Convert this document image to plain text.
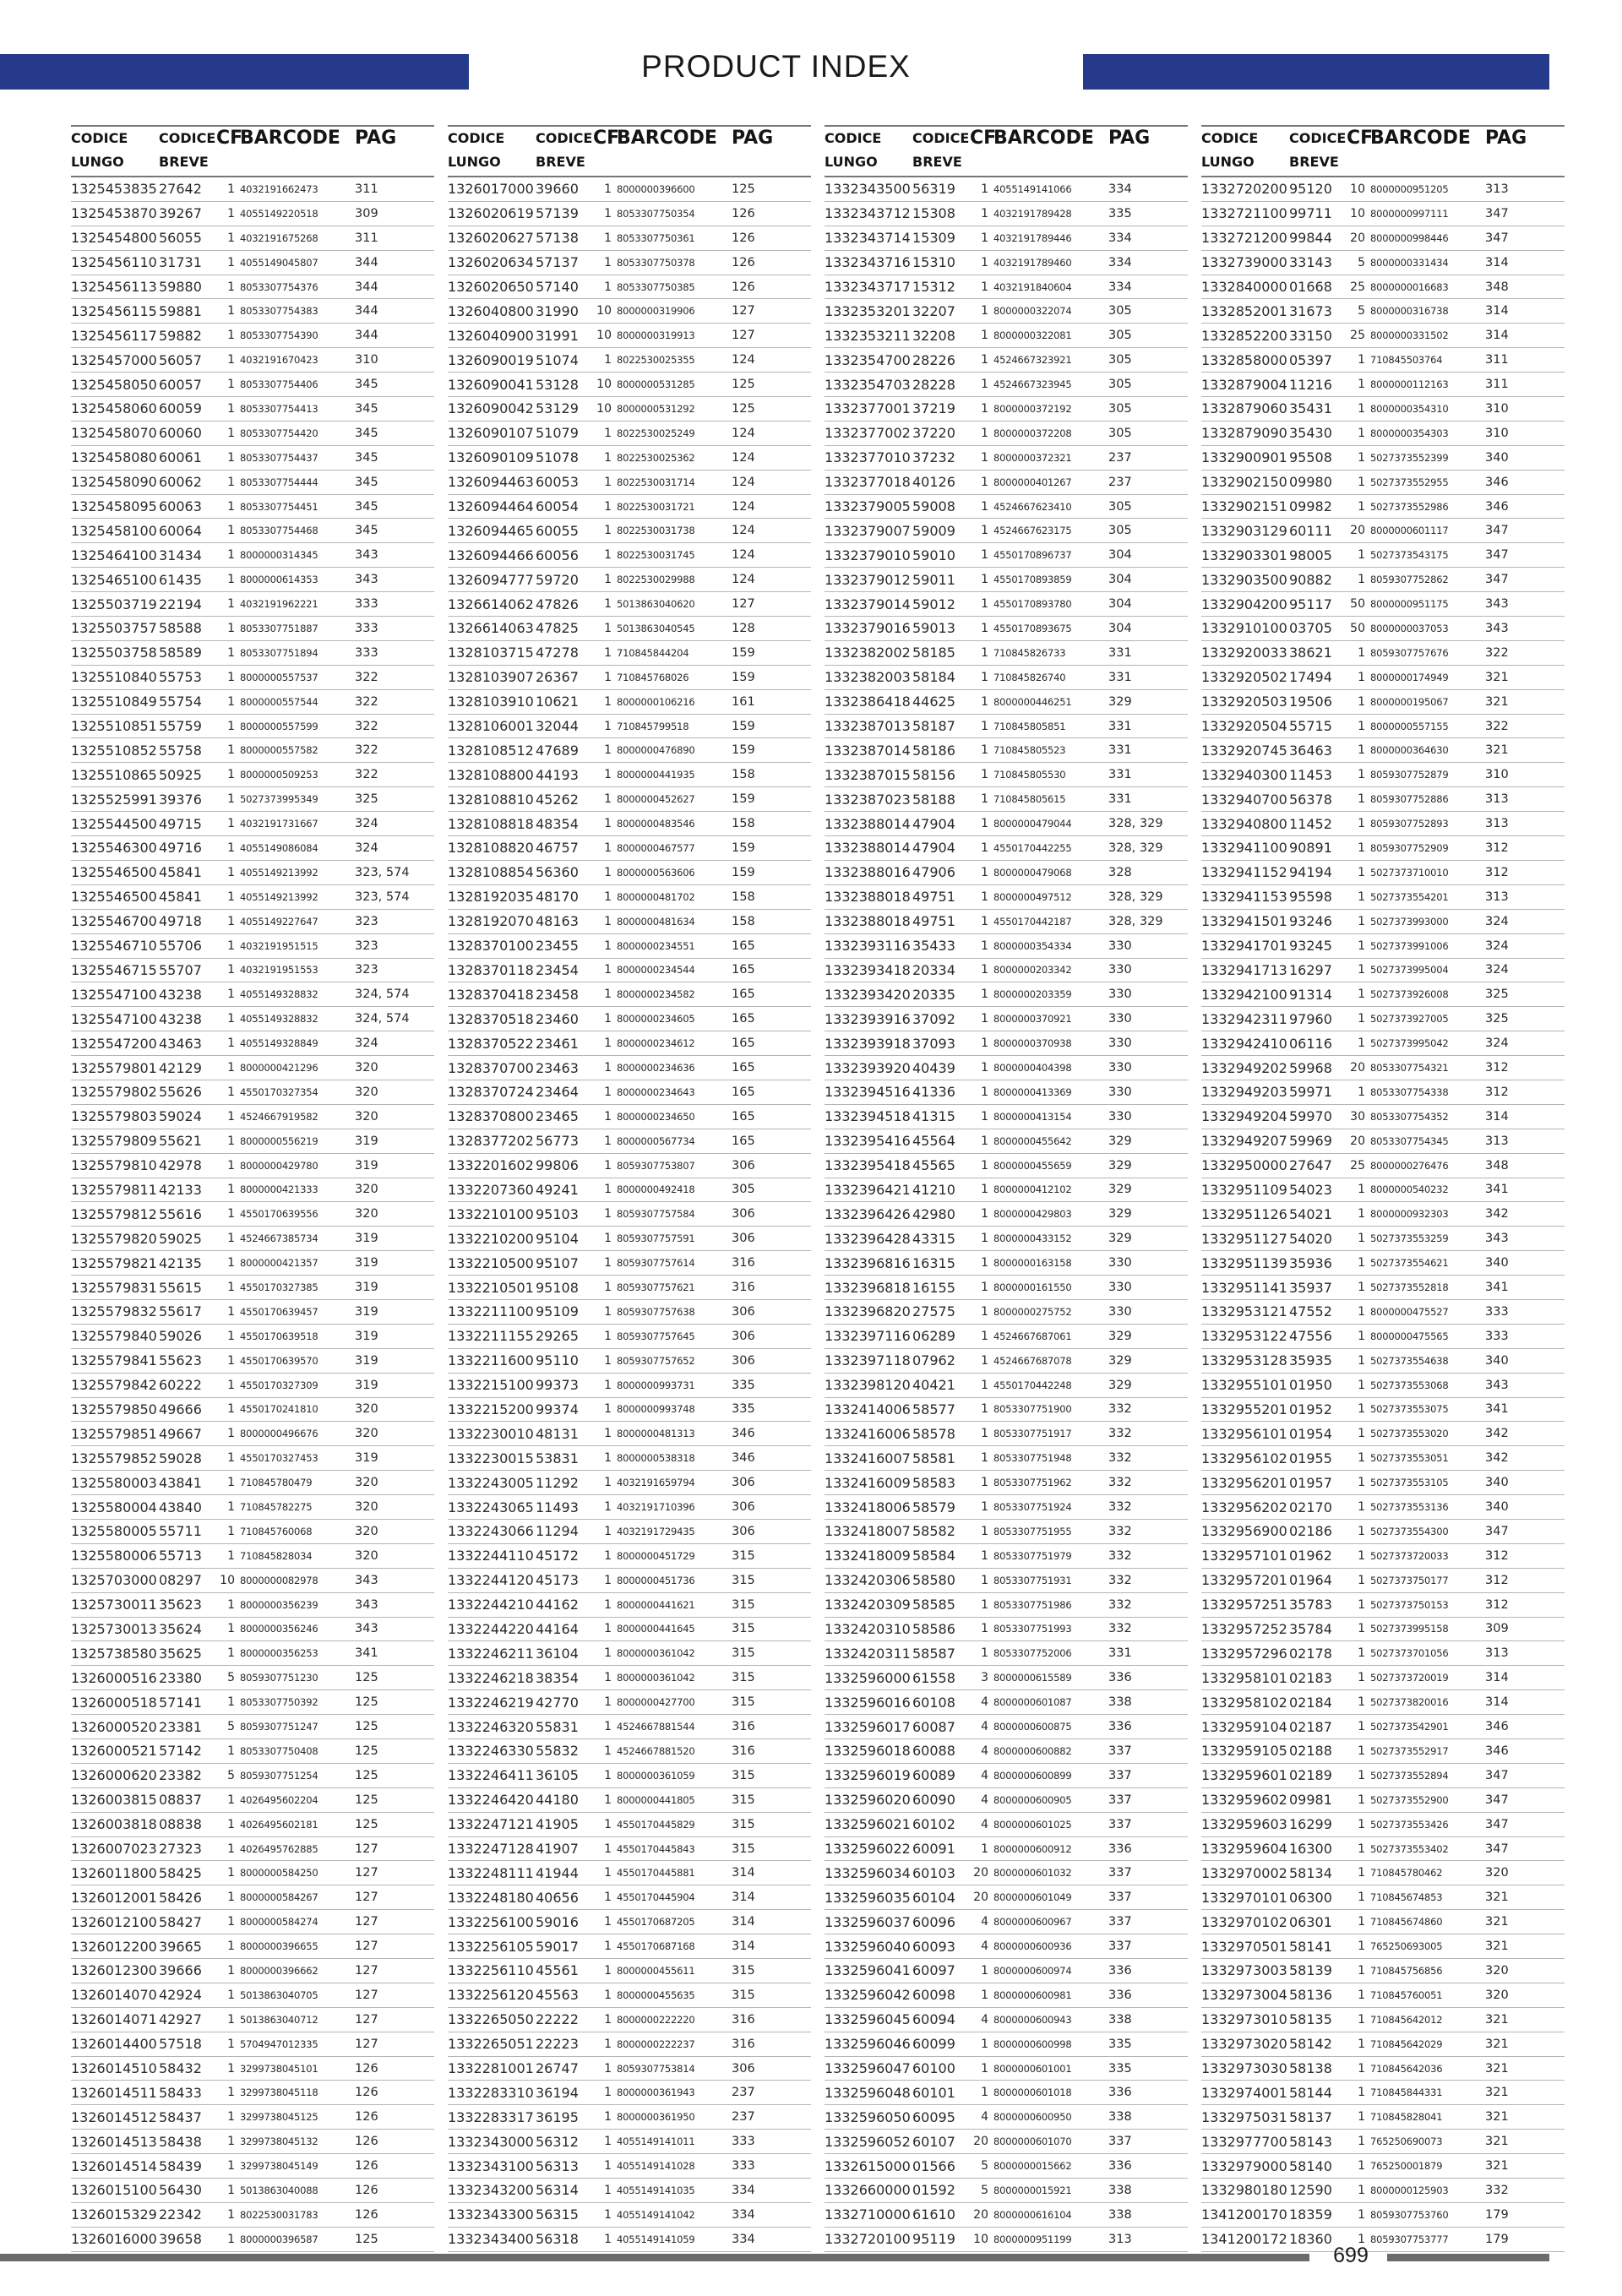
PRODUCT INDEX
CODICE
LUNGO
CODICE
BREVE
CF
BARCODE PAG
1325453835 27642	1 4032191662473	311
1325453870 39267	1 4055149220518	309
1325454800 56055	1 4032191675268	311
1325456110 31731	1 4055149045807	344
1325456113 59880	1 8053307754376	344
1325456115 59881	1 8053307754383	344
1325456117 59882	1 8053307754390	344
1325457000 56057	1 4032191670423	310
1325458050 60057	1 8053307754406	345
1325458060 60059	1 8053307754413	345
1325458070 60060	1 8053307754420	345
1325458080 60061	1 8053307754437	345
1325458090 60062	1 8053307754444	345
1325458095 60063	1 8053307754451	345
1325458100 60064	1 8053307754468	345
1325464100 31434	1 8000000314345	343
1325465100 61435	1 8000000614353	343
1325503719 22194	1 4032191962221	333
1325503757 58588	1 8053307751887	333
1325503758 58589	1 8053307751894	333
1325510840 55753	1 8000000557537	322
1325510849 55754	1 8000000557544	322
1325510851 55759	1 8000000557599	322
1325510852 55758	1 8000000557582	322
1325510865 50925	1 8000000509253	322
1325525991 39376	1 5027373995349	325
1325544500 49715	1 4032191731667	324
1325546300 49716	1 4055149086084	324
1325546500 45841	1 4055149213992	323, 574
1325546500 45841	1 4055149213992	323, 574
1325546700 49718	1 4055149227647	323
1325546710 55706	1 4032191951515	323
1325546715 55707	1 4032191951553	323
1325547100 43238	1 4055149328832	324, 574
1325547100 43238	1 4055149328832	324, 574
1325547200 43463	1 4055149328849	324
1325579801 42129	1 8000000421296	320
1325579802 55626	1 4550170327354	320
1325579803 59024	1 4524667919582	320
1325579809 55621	1 8000000556219	319
1325579810 42978	1 8000000429780	319
1325579811 42133	1 8000000421333	320
1325579812 55616	1 4550170639556	320
1325579820 59025	1 4524667385734	319
1325579821 42135	1 8000000421357	319
1325579831 55615	1 4550170327385	319
1325579832 55617	1 4550170639457	319
1325579840 59026	1 4550170639518	319
1325579841 55623	1 4550170639570	319
1325579842 60222	1 4550170327309	319
1325579850 49666	1 4550170241810	320
1325579851 49667	1 8000000496676	320
1325579852 59028	1 4550170327453	319
1325580003 43841	1 710845780479	320
1325580004 43840	1 710845782275	320
1325580005 55711	1 710845760068	320
1325580006 55713	1 710845828034	320
1325703000 08297	10 8000000082978	343
1325730011 35623	1 8000000356239	343
1325730013 35624	1 8000000356246	343
1325738580 35625	1 8000000356253	341
1326000516 23380	5 8059307751230	125
1326000518 57141	1 8053307750392	125
1326000520 23381	5 8059307751247	125
1326000521 57142	1 8053307750408	125
1326000620 23382	5 8059307751254	125
1326003815 08837	1 4026495602204	125
1326003818 08838	1 4026495602181	125
1326007023 27323	1 4026495762885	127
1326011800 58425	1 8000000584250	127
1326012001 58426	1 8000000584267	127
1326012100 58427	1 8000000584274	127
1326012200 39665	1 8000000396655	127
1326012300 39666	1 8000000396662	127
1326014070 42924	1 5013863040705	127
1326014071 42927	1 5013863040712	127
1326014400 57518	1 5704947012335	127
1326014510 58432	1 3299738045101	126
1326014511 58433	1 3299738045118	126
1326014512 58437	1 3299738045125	126
1326014513 58438	1 3299738045132	126
1326014514 58439	1 3299738045149	126
1326015100 56430	1 5013863040088	126
1326015329 22342	1 8022530031783	126
1326016000 39658	1 8000000396587	125
CODICE
LUNGO
CODICE
BREVE
CF
BARCODE PAG
1326017000 39660	1 8000000396600	125
1326020619 57139	1 8053307750354	126
1326020627 57138	1 8053307750361	126
1326020634 57137	1 8053307750378	126
1326020650 57140	1 8053307750385	126
1326040800 31990	10 8000000319906	127
1326040900 31991	10 8000000319913	127
1326090019 51074	1 8022530025355	124
1326090041 53128	10 8000000531285	125
1326090042 53129	10 8000000531292	125
1326090107 51079	1 8022530025249	124
1326090109 51078	1 8022530025362	124
1326094463 60053	1 8022530031714	124
1326094464 60054	1 8022530031721	124
1326094465 60055	1 8022530031738	124
1326094466 60056	1 8022530031745	124
1326094777 59720	1 8022530029988	124
1326614062 47826	1 5013863040620	127
1326614063 47825	1 5013863040545	128
1328103715 47278	1 710845844204	159
1328103907 26367	1 710845768026	159
1328103910 10621	1 8000000106216	161
1328106001 32044	1 710845799518	159
1328108512 47689	1 8000000476890	159
1328108800 44193	1 8000000441935	158
1328108810 45262	1 8000000452627	159
1328108818 48354	1 8000000483546	158
1328108820 46757	1 8000000467577	159
1328108854 56360	1 8000000563606	159
1328192035 48170	1 8000000481702	158
1328192070 48163	1 8000000481634	158
1328370100 23455	1 8000000234551	165
1328370118 23454	1 8000000234544	165
1328370418 23458	1 8000000234582	165
1328370518 23460	1 8000000234605	165
1328370522 23461	1 8000000234612	165
1328370700 23463	1 8000000234636	165
1328370724 23464	1 8000000234643	165
1328370800 23465	1 8000000234650	165
1328377202 56773	1 8000000567734	165
1332201602 99806	1 8059307753807	306
1332207360 49241	1 8000000492418	305
1332210100 95103	1 8059307757584	306
1332210200 95104	1 8059307757591	306
1332210500 95107	1 8059307757614	316
1332210501 95108	1 8059307757621	316
1332211100 95109	1 8059307757638	306
1332211155 29265	1 8059307757645	306
1332211600 95110	1 8059307757652	306
1332215100 99373	1 8000000993731	335
1332215200 99374	1 8000000993748	335
1332230010 48131	1 8000000481313	346
1332230015 53831	1 8000000538318	346
1332243005 11292	1 4032191659794	306
1332243065 11493	1 4032191710396	306
1332243066 11294	1 4032191729435	306
1332244110 45172	1 8000000451729	315
1332244120 45173	1 8000000451736	315
1332244210 44162	1 8000000441621	315
1332244220 44164	1 8000000441645	315
1332246211 36104	1 8000000361042	315
1332246218 38354	1 8000000361042	315
1332246219 42770	1 8000000427700	315
1332246320 55831	1 4524667881544	316
1332246330 55832	1 4524667881520	316
1332246411 36105	1 8000000361059	315
1332246420 44180	1 8000000441805	315
1332247121 41905	1 4550170445829	315
1332247128 41907	1 4550170445843	315
1332248111 41944	1 4550170445881	314
1332248180 40656	1 4550170445904	314
1332256100 59016	1 4550170687205	314
1332256105 59017	1 4550170687168	314
1332256110 45561	1 8000000455611	315
1332256120 45563	1 8000000455635	315
1332265050 22222	1 8000000222220	316
1332265051 22223	1 8000000222237	316
1332281001 26747	1 8059307753814	306
1332283310 36194	1 8000000361943	237
1332283317 36195	1 8000000361950	237
1332343000 56312	1 4055149141011	333
1332343100 56313	1 4055149141028	333
1332343200 56314	1 4055149141035	334
1332343300 56315	1 4055149141042	334
1332343400 56318	1 4055149141059	334
CODICE
LUNGO
CODICE
BREVE
CF
BARCODE PAG
1332343500 56319	1 4055149141066	334
1332343712 15308	1 4032191789428	335
1332343714 15309	1 4032191789446	334
1332343716 15310	1 4032191789460	334
1332343717 15312	1 4032191840604	334
1332353201 32207	1 8000000322074	305
1332353211 32208	1 8000000322081	305
1332354700 28226	1 4524667323921	305
1332354703 28228	1 4524667323945	305
1332377001 37219	1 8000000372192	305
1332377002 37220	1 8000000372208	305
1332377010 37232	1 8000000372321	237
1332377018 40126	1 8000000401267	237
1332379005 59008	1 4524667623410	305
1332379007 59009	1 4524667623175	305
1332379010 59010	1 4550170896737	304
1332379012 59011	1 4550170893859	304
1332379014 59012	1 4550170893780	304
1332379016 59013	1 4550170893675	304
1332382002 58185	1 710845826733	331
1332382003 58184	1 710845826740	331
1332386418 44625	1 8000000446251	329
1332387013 58187	1 710845805851	331
1332387014 58186	1 710845805523	331
1332387015 58156	1 710845805530	331
1332387023 58188	1 710845805615	331
1332388014 47904	1 8000000479044	328, 329
1332388014 47904	1 4550170442255	328, 329
1332388016 47906	1 8000000479068	328
1332388018 49751	1 8000000497512	328, 329
1332388018 49751	1 4550170442187	328, 329
1332393116 35433	1 8000000354334	330
1332393418 20334	1 8000000203342	330
1332393420 20335	1 8000000203359	330
1332393916 37092	1 8000000370921	330
1332393918 37093	1 8000000370938	330
1332393920 40439	1 8000000404398	330
1332394516 41336	1 8000000413369	330
1332394518 41315	1 8000000413154	330
1332395416 45564	1 8000000455642	329
1332395418 45565	1 8000000455659	329
1332396421 41210	1 8000000412102	329
1332396426 42980	1 8000000429803	329
1332396428 43315	1 8000000433152	329
1332396816 16315	1 8000000163158	330
1332396818 16155	1 8000000161550	330
1332396820 27575	1 8000000275752	330
1332397116 06289	1 4524667687061	329
1332397118 07962	1 4524667687078	329
1332398120 40421	1 4550170442248	329
1332414006 58577	1 8053307751900	332
1332416006 58578	1 8053307751917	332
1332416007 58581	1 8053307751948	332
1332416009 58583	1 8053307751962	332
1332418006 58579	1 8053307751924	332
1332418007 58582	1 8053307751955	332
1332418009 58584	1 8053307751979	332
1332420306 58580	1 8053307751931	332
1332420309 58585	1 8053307751986	332
1332420310 58586	1 8053307751993	332
1332420311 58587	1 8053307752006	331
1332596000 61558	3 8000000615589	336
1332596016 60108	4 8000000601087	338
1332596017 60087	4 8000000600875	336
1332596018 60088	4 8000000600882	337
1332596019 60089	4 8000000600899	337
1332596020 60090	4 8000000600905	337
1332596021 60102	4 8000000601025	337
1332596022 60091	1 8000000600912	336
1332596034 60103	20 8000000601032	337
1332596035 60104	20 8000000601049	337
1332596037 60096	4 8000000600967	337
1332596040 60093	4 8000000600936	337
1332596041 60097	1 8000000600974	336
1332596042 60098	1 8000000600981	336
1332596045 60094	4 8000000600943	338
1332596046 60099	1 8000000600998	335
1332596047 60100	1 8000000601001	335
1332596048 60101	1 8000000601018	336
1332596050 60095	4 8000000600950	338
1332596052 60107	20 8000000601070	337
1332615000 01566	5 8000000015662	336
1332660000 01592	5 8000000015921	338
1332710000 61610	20 8000000616104	338
1332720100 95119	10 8000000951199	313
CODICE
LUNGO
CODICE
BREVE
CF
BARCODE PAG
1332720200 95120	10 8000000951205	313
1332721100 99711	10 8000000997111	347
1332721200 99844	20 8000000998446	347
1332739000 33143	5 8000000331434	314
1332840000 01668	25 8000000016683	348
1332852001 31673	5 8000000316738	314
1332852200 33150	25 8000000331502	314
1332858000 05397	1 710845503764	311
1332879004 11216	1 8000000112163	311
1332879060 35431	1 8000000354310	310
1332879090 35430	1 8000000354303	310
1332900901 95508	1 5027373552399	340
1332902150 09980	1 5027373552955	346
1332902151 09982	1 5027373552986	346
1332903129 60111	20 8000000601117	347
1332903301 98005	1 5027373543175	347
1332903500 90882	1 8059307752862	347
1332904200 95117	50 8000000951175	343
1332910100 03705	50 8000000037053	343
1332920033 38621	1 8059307757676	322
1332920502 17494	1 8000000174949	321
1332920503 19506	1 8000000195067	321
1332920504 55715	1 8000000557155	322
1332920745 36463	1 8000000364630	321
1332940300 11453	1 8059307752879	310
1332940700 56378	1 8059307752886	313
1332940800 11452	1 8059307752893	313
1332941100 90891	1 8059307752909	312
1332941152 94194	1 5027373710010	312
1332941153 95598	1 5027373554201	313
1332941501 93246	1 5027373993000	324
1332941701 93245	1 5027373991006	324
1332941713 16297	1 5027373995004	324
1332942100 91314	1 5027373926008	325
1332942311 97960	1 5027373927005	325
1332942410 06116	1 5027373995042	324
1332949202 59968	20 8053307754321	312
1332949203 59971	1 8053307754338	312
1332949204 59970	30 8053307754352	314
1332949207 59969	20 8053307754345	313
1332950000 27647	25 8000000276476	348
1332951109 54023	1 8000000540232	341
1332951126 54021	1 8000000932303	342
1332951127 54020	1 5027373553259	343
1332951139 35936	1 5027373554621	340
1332951141 35937	1 5027373552818	341
1332953121 47552	1 8000000475527	333
1332953122 47556	1 8000000475565	333
1332953128 35935	1 5027373554638	340
1332955101 01950	1 5027373553068	343
1332955201 01952	1 5027373553075	341
1332956101 01954	1 5027373553020	342
1332956102 01955	1 5027373553051	342
1332956201 01957	1 5027373553105	340
1332956202 02170	1 5027373553136	340
1332956900 02186	1 5027373554300	347
1332957101 01962	1 5027373720033	312
1332957201 01964	1 5027373750177	312
1332957251 35783	1 5027373750153	312
1332957252 35784	1 5027373995158	309
1332957296 02178	1 5027373701056	313
1332958101 02183	1 5027373720019	314
1332958102 02184	1 5027373820016	314
1332959104 02187	1 5027373542901	346
1332959105 02188	1 5027373552917	346
1332959601 02189	1 5027373552894	347
1332959602 09981	1 5027373552900	347
1332959603 16299	1 5027373553426	347
1332959604 16300	1 5027373553402	347
1332970002 58134	1 710845780462	320
1332970101 06300	1 710845674853	321
1332970102 06301	1 710845674860	321
1332970501 58141	1 765250693005	321
1332973003 58139	1 710845756856	320
1332973004 58136	1 710845760051	320
1332973010 58135	1 710845642012	321
1332973020 58142	1 710845642029	321
1332973030 58138	1 710845642036	321
1332974001 58144	1 710845844331	321
1332975031 58137	1 710845828041	321
1332977700 58143	1 765250690073	321
1332979000 58140	1 765250001879	321
1332980180 12590	1 8000000125903	332
1341200170 18359	1 8059307753760	179
1341200172 18360	1 8059307753777	179
699
